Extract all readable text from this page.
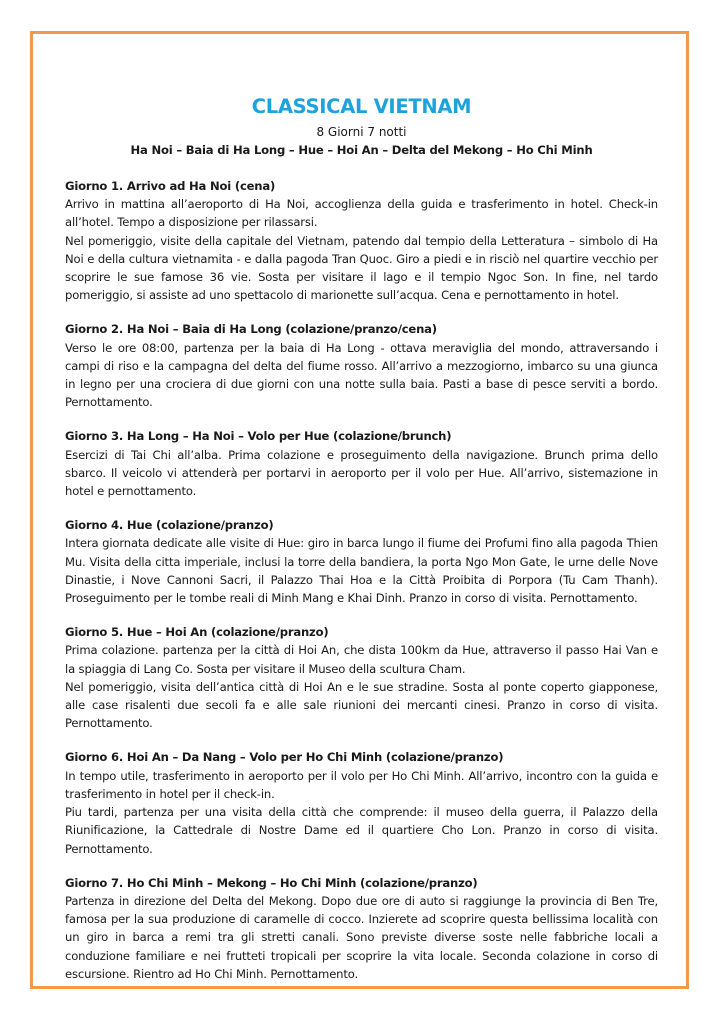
CLASSICAL VIETNAM

8 Giorni 7 notti

Ha Noi – Baia di Ha Long – Hue – Hoi An – Delta del Mekong – Ho Chi Minh

Giorno 1. Arrivo ad Ha Noi (cena)

Arrivo in mattina all’aeroporto di Ha Noi, accoglienza della guida e trasferimento in hotel. Check-in all’hotel. Tempo a disposizione per rilassarsi.

Nel pomeriggio, visite della capitale del Vietnam, patendo dal tempio della Letteratura – simbolo di Ha Noi e della cultura vietnamita - e dalla pagoda Tran Quoc. Giro a piedi e in risciò nel quartire vecchio per scoprire le sue famose 36 vie. Sosta per visitare il lago e il tempio Ngoc Son. In fine, nel tardo pomeriggio, si assiste ad uno spettacolo di marionette sull’acqua. Cena e pernottamento in hotel.

Giorno 2. Ha Noi – Baia di Ha Long (colazione/pranzo/cena)

Verso le ore 08:00, partenza per la baia di Ha Long - ottava meraviglia del mondo, attraversando i campi di riso e la campagna del delta del fiume rosso. All’arrivo a mezzogiorno, imbarco su una giunca in legno per una crociera di due giorni con una notte sulla baia. Pasti a base di pesce serviti a bordo. Pernottamento.

Giorno 3. Ha Long – Ha Noi – Volo per Hue (colazione/brunch)

Esercizi di Tai Chi all’alba. Prima colazione e proseguimento della navigazione. Brunch prima dello sbarco. Il veicolo vi attenderà per portarvi in aeroporto per il volo per Hue. All’arrivo, sistemazione in hotel e pernottamento.

Giorno 4. Hue (colazione/pranzo)

Intera giornata dedicate alle visite di Hue: giro in barca lungo il fiume dei Profumi fino alla pagoda Thien Mu. Visita della citta imperiale, inclusi la torre della bandiera, la porta Ngo Mon Gate, le urne delle Nove Dinastie, i Nove Cannoni Sacri, il Palazzo Thai Hoa e la Città Proibita di Porpora (Tu Cam Thanh). Proseguimento per le tombe reali di Minh Mang e Khai Dinh. Pranzo in corso di visita. Pernottamento.

Giorno 5. Hue – Hoi An (colazione/pranzo)

Prima colazione. partenza per la città di Hoi An, che dista 100km da Hue, attraverso il passo Hai Van e la spiaggia di Lang Co. Sosta per visitare il Museo della scultura Cham.

Nel pomeriggio, visita dell’antica città di Hoi An e le sue stradine. Sosta al ponte coperto giapponese, alle case risalenti due secoli fa e alle sale riunioni dei mercanti cinesi. Pranzo in corso di visita. Pernottamento.

Giorno 6. Hoi An – Da Nang – Volo per Ho Chi Minh (colazione/pranzo)

In tempo utile, trasferimento in aeroporto per il volo per Ho Chi Minh. All’arrivo, incontro con la guida e trasferimento in hotel per il check-in.

Piu tardi, partenza per una visita della città che comprende: il museo della guerra, il Palazzo della Riunificazione, la Cattedrale di Nostre Dame ed il quartiere Cho Lon. Pranzo in corso di visita. Pernottamento.

Giorno 7. Ho Chi Minh – Mekong – Ho Chi Minh (colazione/pranzo)

Partenza in direzione del Delta del Mekong. Dopo due ore di auto si raggiunge la provincia di Ben Tre, famosa per la sua produzione di caramelle di cocco. Inzierete ad scoprire questa bellissima località con un giro in barca a remi tra gli stretti canali. Sono previste diverse soste nelle fabbriche locali a conduzione familiare e nei frutteti tropicali per scoprire la vita locale. Seconda colazione in corso di escursione. Rientro ad Ho Chi Minh. Pernottamento.
